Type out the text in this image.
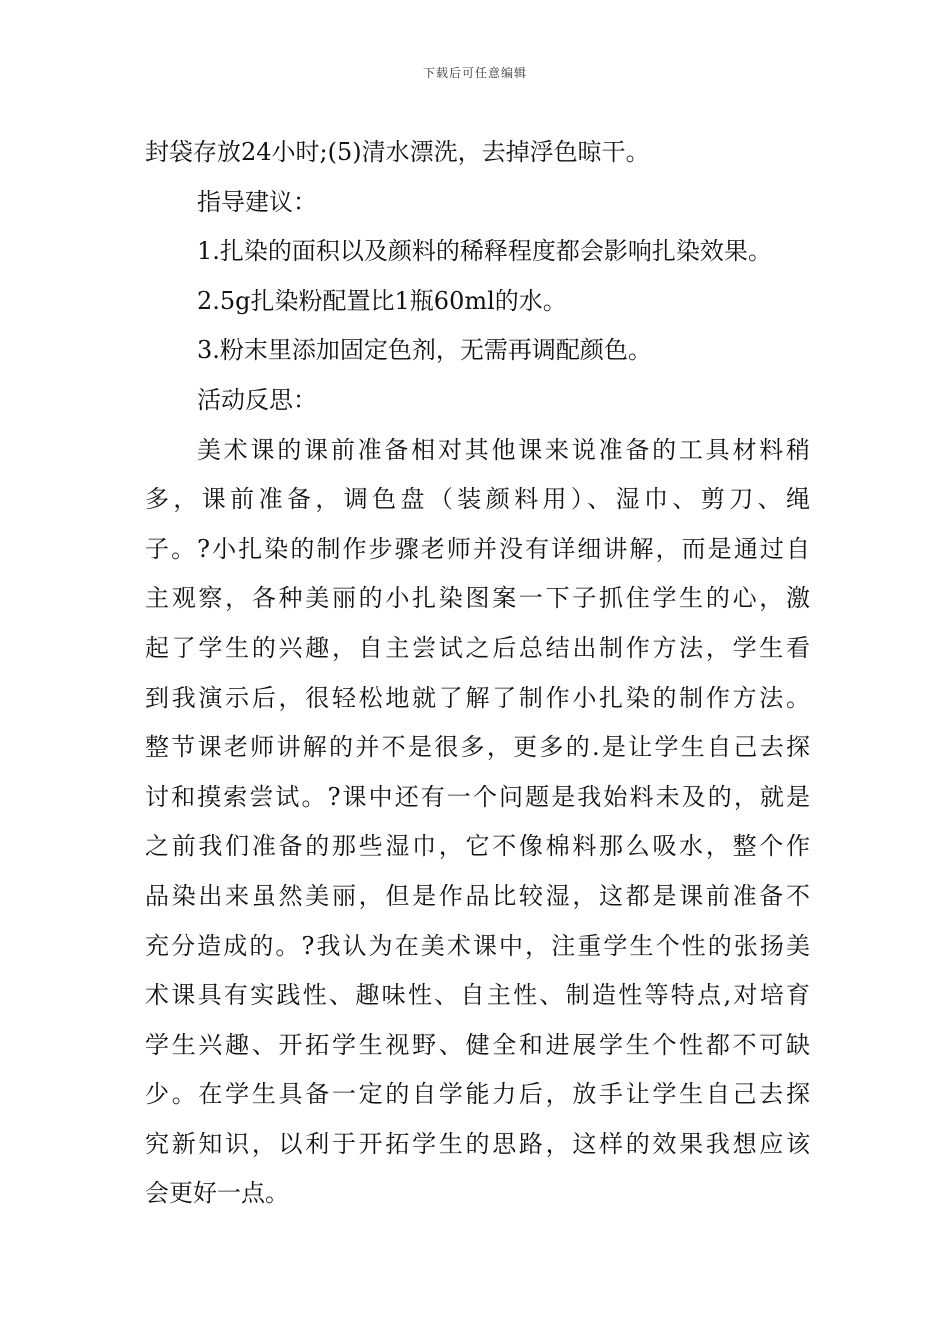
下载后可任意编辑

封袋存放24小时;(5)清水漂洗，去掉浮色晾干。

指导建议：

1.扎染的面积以及颜料的稀释程度都会影响扎染效果。

2.5g扎染粉配置比1瓶60ml的水。

3.粉末里添加固定色剂，无需再调配颜色。

活动反思：

美术课的课前准备相对其他课来说准备的工具材料稍

多，课前准备，调色盘（装颜料用）、湿巾、剪刀、绳

子。?小扎染的制作步骤老师并没有详细讲解，而是通过自

主观察，各种美丽的小扎染图案一下子抓住学生的心，激

起了学生的兴趣，自主尝试之后总结出制作方法，学生看

到我演示后，很轻松地就了解了制作小扎染的制作方法。

整节课老师讲解的并不是很多，更多的.是让学生自己去探

讨和摸索尝试。?课中还有一个问题是我始料未及的，就是

之前我们准备的那些湿巾，它不像棉料那么吸水，整个作

品染出来虽然美丽，但是作品比较湿，这都是课前准备不

充分造成的。?我认为在美术课中，注重学生个性的张扬美

术课具有实践性、趣味性、自主性、制造性等特点,对培育

学生兴趣、开拓学生视野、健全和进展学生个性都不可缺

少。在学生具备一定的自学能力后，放手让学生自己去探

究新知识，以利于开拓学生的思路，这样的效果我想应该

会更好一点。
